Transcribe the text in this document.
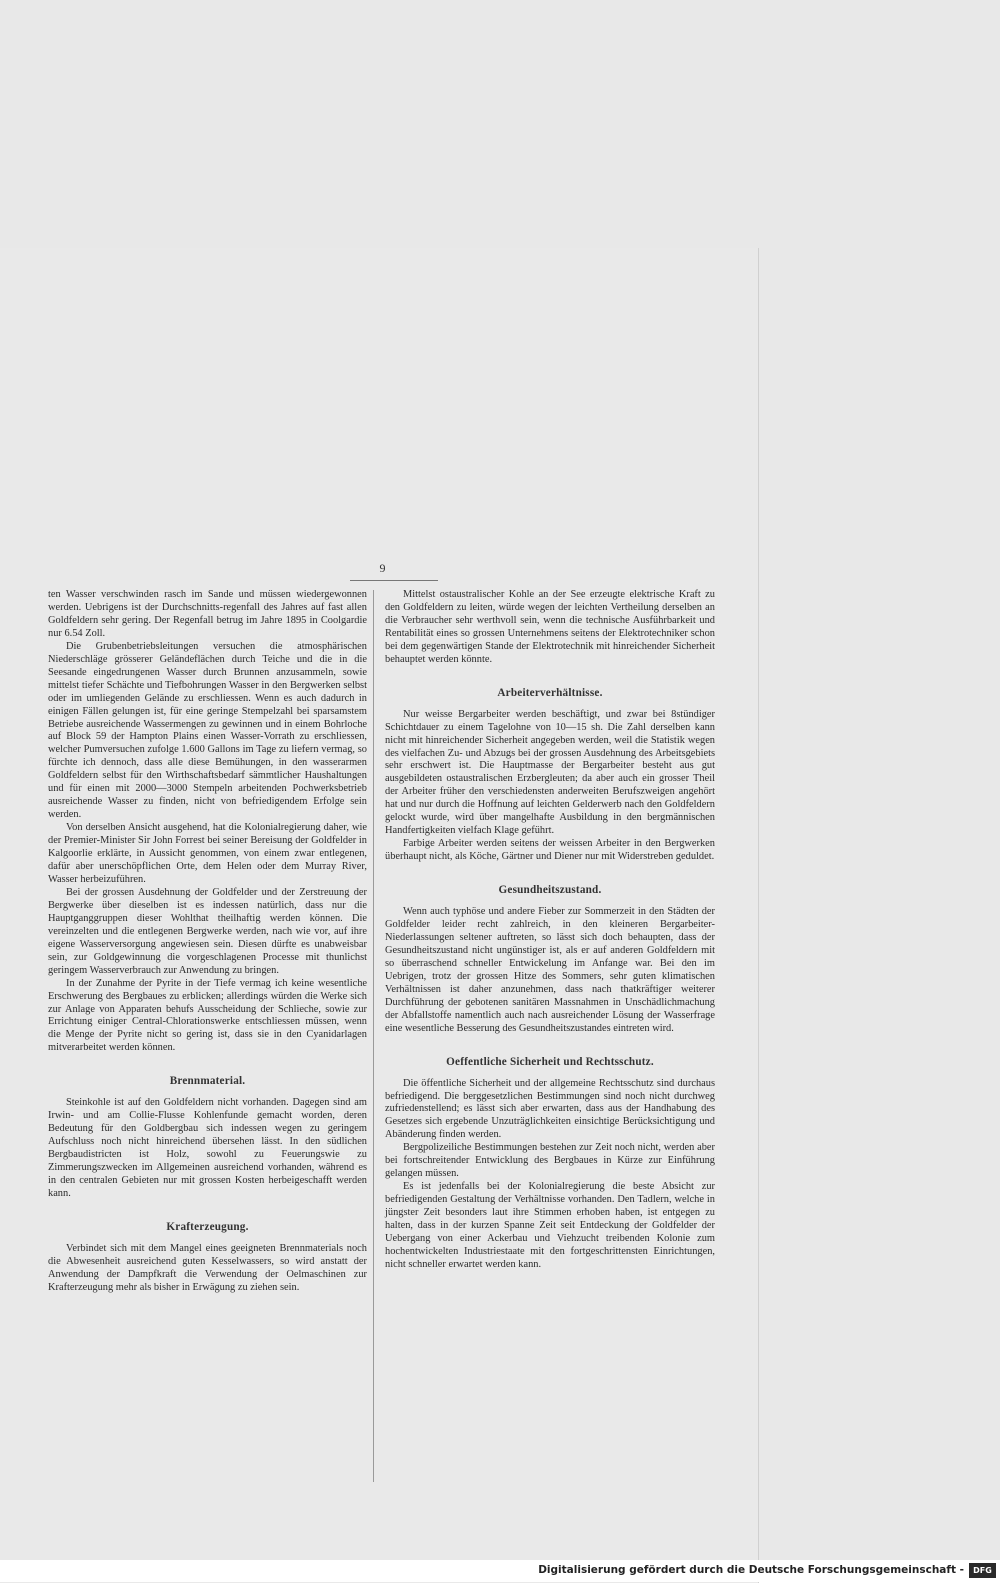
9

ten Wasser verschwinden rasch im Sande und müssen wiedergewonnen werden. Uebrigens ist der Durchschnitts-regenfall des Jahres auf fast allen Goldfeldern sehr gering. Der Regenfall betrug im Jahre 1895 in Coolgardie nur 6.54 Zoll.

Die Grubenbetriebsleitungen versuchen die atmosphärischen Niederschläge grösserer Geländeflächen durch Teiche und die in die Seesande eingedrungenen Wasser durch Brunnen anzusammeln, sowie mittelst tiefer Schächte und Tiefbohrungen Wasser in den Bergwerken selbst oder im umliegenden Gelände zu erschliessen. Wenn es auch dadurch in einigen Fällen gelungen ist, für eine geringe Stempelzahl bei sparsamstem Betriebe ausreichende Wassermengen zu gewinnen und in einem Bohrloche auf Block 59 der Hampton Plains einen Wasser-Vorrath zu erschliessen, welcher Pumversuchen zufolge 1.600 Gallons im Tage zu liefern vermag, so fürchte ich dennoch, dass alle diese Bemühungen, in den wasserarmen Goldfeldern selbst für den Wirthschaftsbedarf sämmtlicher Haushaltungen und für einen mit 2000—3000 Stempeln arbeitenden Pochwerksbetrieb ausreichende Wasser zu finden, nicht von befriedigendem Erfolge sein werden.

Von derselben Ansicht ausgehend, hat die Kolonialregierung daher, wie der Premier-Minister Sir John Forrest bei seiner Bereisung der Goldfelder in Kalgoorlie erklärte, in Aussicht genommen, von einem zwar entlegenen, dafür aber unerschöpflichen Orte, dem Helen oder dem Murray River, Wasser herbeizuführen.

Bei der grossen Ausdehnung der Goldfelder und der Zerstreuung der Bergwerke über dieselben ist es indessen natürlich, dass nur die Hauptganggruppen dieser Wohlthat theilhaftig werden können. Die vereinzelten und die entlegenen Bergwerke werden, nach wie vor, auf ihre eigene Wasserversorgung angewiesen sein. Diesen dürfte es unabweisbar sein, zur Goldgewinnung die vorgeschlagenen Processe mit thunlichst geringem Wasserverbrauch zur Anwendung zu bringen.

In der Zunahme der Pyrite in der Tiefe vermag ich keine wesentliche Erschwerung des Bergbaues zu erblicken; allerdings würden die Werke sich zur Anlage von Apparaten behufs Ausscheidung der Schlieche, sowie zur Errichtung einiger Central-Chlorationswerke entschliessen müssen, wenn die Menge der Pyrite nicht so gering ist, dass sie in den Cyanidarlagen mitverarbeitet werden können.

Brennmaterial.

Steinkohle ist auf den Goldfeldern nicht vorhanden. Dagegen sind am Irwin- und am Collie-Flusse Kohlenfunde gemacht worden, deren Bedeutung für den Goldbergbau sich indessen wegen zu geringem Aufschluss noch nicht hinreichend übersehen lässt. In den südlichen Bergbaudistricten ist Holz, sowohl zu Feuerungswie zu Zimmerungszwecken im Allgemeinen ausreichend vorhanden, während es in den centralen Gebieten nur mit grossen Kosten herbeigeschafft werden kann.

Krafterzeugung.

Verbindet sich mit dem Mangel eines geeigneten Brennmaterials noch die Abwesenheit ausreichend guten Kesselwassers, so wird anstatt der Anwendung der Dampfkraft die Verwendung der Oelmaschinen zur Krafterzeugung mehr als bisher in Erwägung zu ziehen sein.

Mittelst ostaustralischer Kohle an der See erzeugte elektrische Kraft zu den Goldfeldern zu leiten, würde wegen der leichten Vertheilung derselben an die Verbraucher sehr werthvoll sein, wenn die technische Ausführbarkeit und Rentabilität eines so grossen Unternehmens seitens der Elektrotechniker schon bei dem gegenwärtigen Stande der Elektrotechnik mit hinreichender Sicherheit behauptet werden könnte.

Arbeiterverhältnisse.

Nur weisse Bergarbeiter werden beschäftigt, und zwar bei 8stündiger Schichtdauer zu einem Tagelohne von 10—15 sh. Die Zahl derselben kann nicht mit hinreichender Sicherheit angegeben werden, weil die Statistik wegen des vielfachen Zu- und Abzugs bei der grossen Ausdehnung des Arbeitsgebiets sehr erschwert ist. Die Hauptmasse der Bergarbeiter besteht aus gut ausgebildeten ostaustralischen Erzbergleuten; da aber auch ein grosser Theil der Arbeiter früher den verschiedensten anderweiten Berufszweigen angehört hat und nur durch die Hoffnung auf leichten Gelderwerb nach den Goldfeldern gelockt wurde, wird über mangelhafte Ausbildung in den bergmännischen Handfertigkeiten vielfach Klage geführt.

Farbige Arbeiter werden seitens der weissen Arbeiter in den Bergwerken überhaupt nicht, als Köche, Gärtner und Diener nur mit Widerstreben geduldet.

Gesundheitszustand.

Wenn auch typhöse und andere Fieber zur Sommerzeit in den Städten der Goldfelder leider recht zahlreich, in den kleineren Bergarbeiter-Niederlassungen seltener auftreten, so lässt sich doch behaupten, dass der Gesundheitszustand nicht ungünstiger ist, als er auf anderen Goldfeldern mit so überraschend schneller Entwickelung im Anfange war. Bei den im Uebrigen, trotz der grossen Hitze des Sommers, sehr guten klimatischen Verhältnissen ist daher anzunehmen, dass nach thatkräftiger weiterer Durchführung der gebotenen sanitären Massnahmen in Unschädlichmachung der Abfallstoffe namentlich auch nach ausreichender Lösung der Wasserfrage eine wesentliche Besserung des Gesundheitszustandes eintreten wird.

Oeffentliche Sicherheit und Rechtsschutz.

Die öffentliche Sicherheit und der allgemeine Rechtsschutz sind durchaus befriedigend. Die berggesetzlichen Bestimmungen sind noch nicht durchweg zufriedenstellend; es lässt sich aber erwarten, dass aus der Handhabung des Gesetzes sich ergebende Unzuträglichkeiten einsichtige Berücksichtigung und Abänderung finden werden.

Bergpolizeiliche Bestimmungen bestehen zur Zeit noch nicht, werden aber bei fortschreitender Entwicklung des Bergbaues in Kürze zur Einführung gelangen müssen.

Es ist jedenfalls bei der Kolonialregierung die beste Absicht zur befriedigenden Gestaltung der Verhältnisse vorhanden. Den Tadlern, welche in jüngster Zeit besonders laut ihre Stimmen erhoben haben, ist entgegen zu halten, dass in der kurzen Spanne Zeit seit Entdeckung der Goldfelder der Uebergang von einer Ackerbau und Viehzucht treibenden Kolonie zum hochentwickelten Industriestaate mit den fortgeschrittensten Einrichtungen, nicht schneller erwartet werden kann.

Digitalisierung gefördert durch die Deutsche Forschungsgemeinschaft -	DFG
